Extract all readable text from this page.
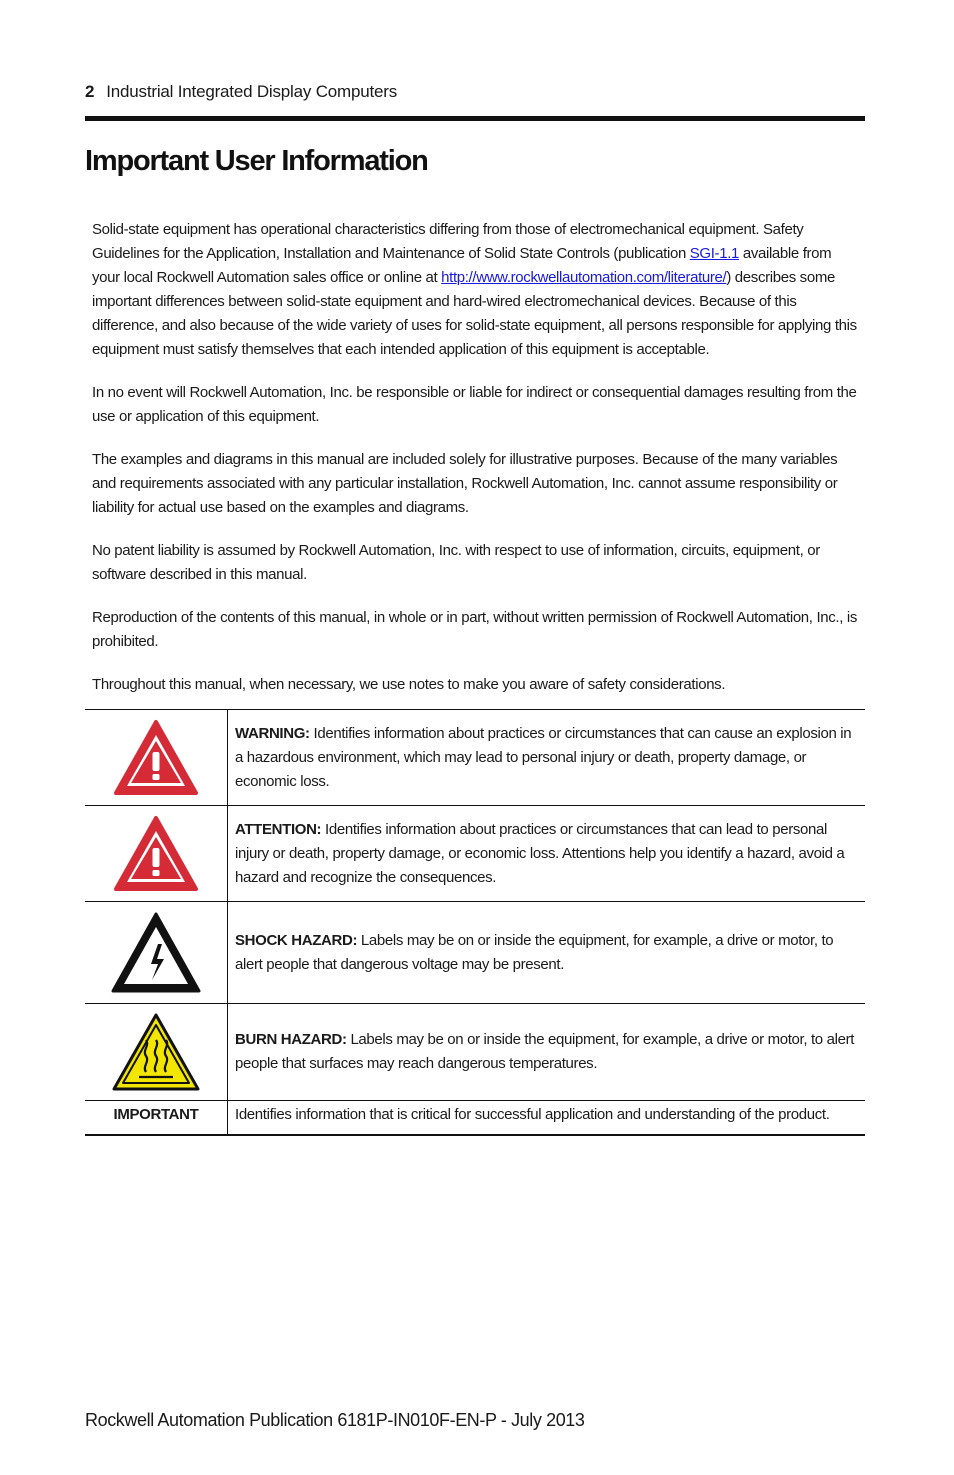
2 Industrial Integrated Display Computers
Important User Information

Solid-state equipment has operational characteristics differing from those of electromechanical equipment. Safety Guidelines for the Application, Installation and Maintenance of Solid State Controls (publication SGI-1.1 available from your local Rockwell Automation sales office or online at http://www.rockwellautomation.com/literature/) describes some important differences between solid-state equipment and hard-wired electromechanical devices. Because of this difference, and also because of the wide variety of uses for solid-state equipment, all persons responsible for applying this equipment must satisfy themselves that each intended application of this equipment is acceptable.

In no event will Rockwell Automation, Inc. be responsible or liable for indirect or consequential damages resulting from the use or application of this equipment.

The examples and diagrams in this manual are included solely for illustrative purposes. Because of the many variables and requirements associated with any particular installation, Rockwell Automation, Inc. cannot assume responsibility or liability for actual use based on the examples and diagrams.

No patent liability is assumed by Rockwell Automation, Inc. with respect to use of information, circuits, equipment, or software described in this manual.

Reproduction of the contents of this manual, in whole or in part, without written permission of Rockwell Automation, Inc., is prohibited.

Throughout this manual, when necessary, we use notes to make you aware of safety considerations.

	WARNING: Identifies information about practices or circumstances that can cause an explosion in a hazardous environment, which may lead to personal injury or death, property damage, or economic loss.

	ATTENTION: Identifies information about practices or circumstances that can lead to personal injury or death, property damage, or economic loss. Attentions help you identify a hazard, avoid a hazard and recognize the consequences.

	SHOCK HAZARD: Labels may be on or inside the equipment, for example, a drive or motor, to alert people that dangerous voltage may be present.

	BURN HAZARD: Labels may be on or inside the equipment, for example, a drive or motor, to alert people that surfaces may reach dangerous temperatures.
IMPORTANT	Identifies information that is critical for successful application and understanding of the product.
Rockwell Automation Publication 6181P-IN010F-EN-P - July 2013
